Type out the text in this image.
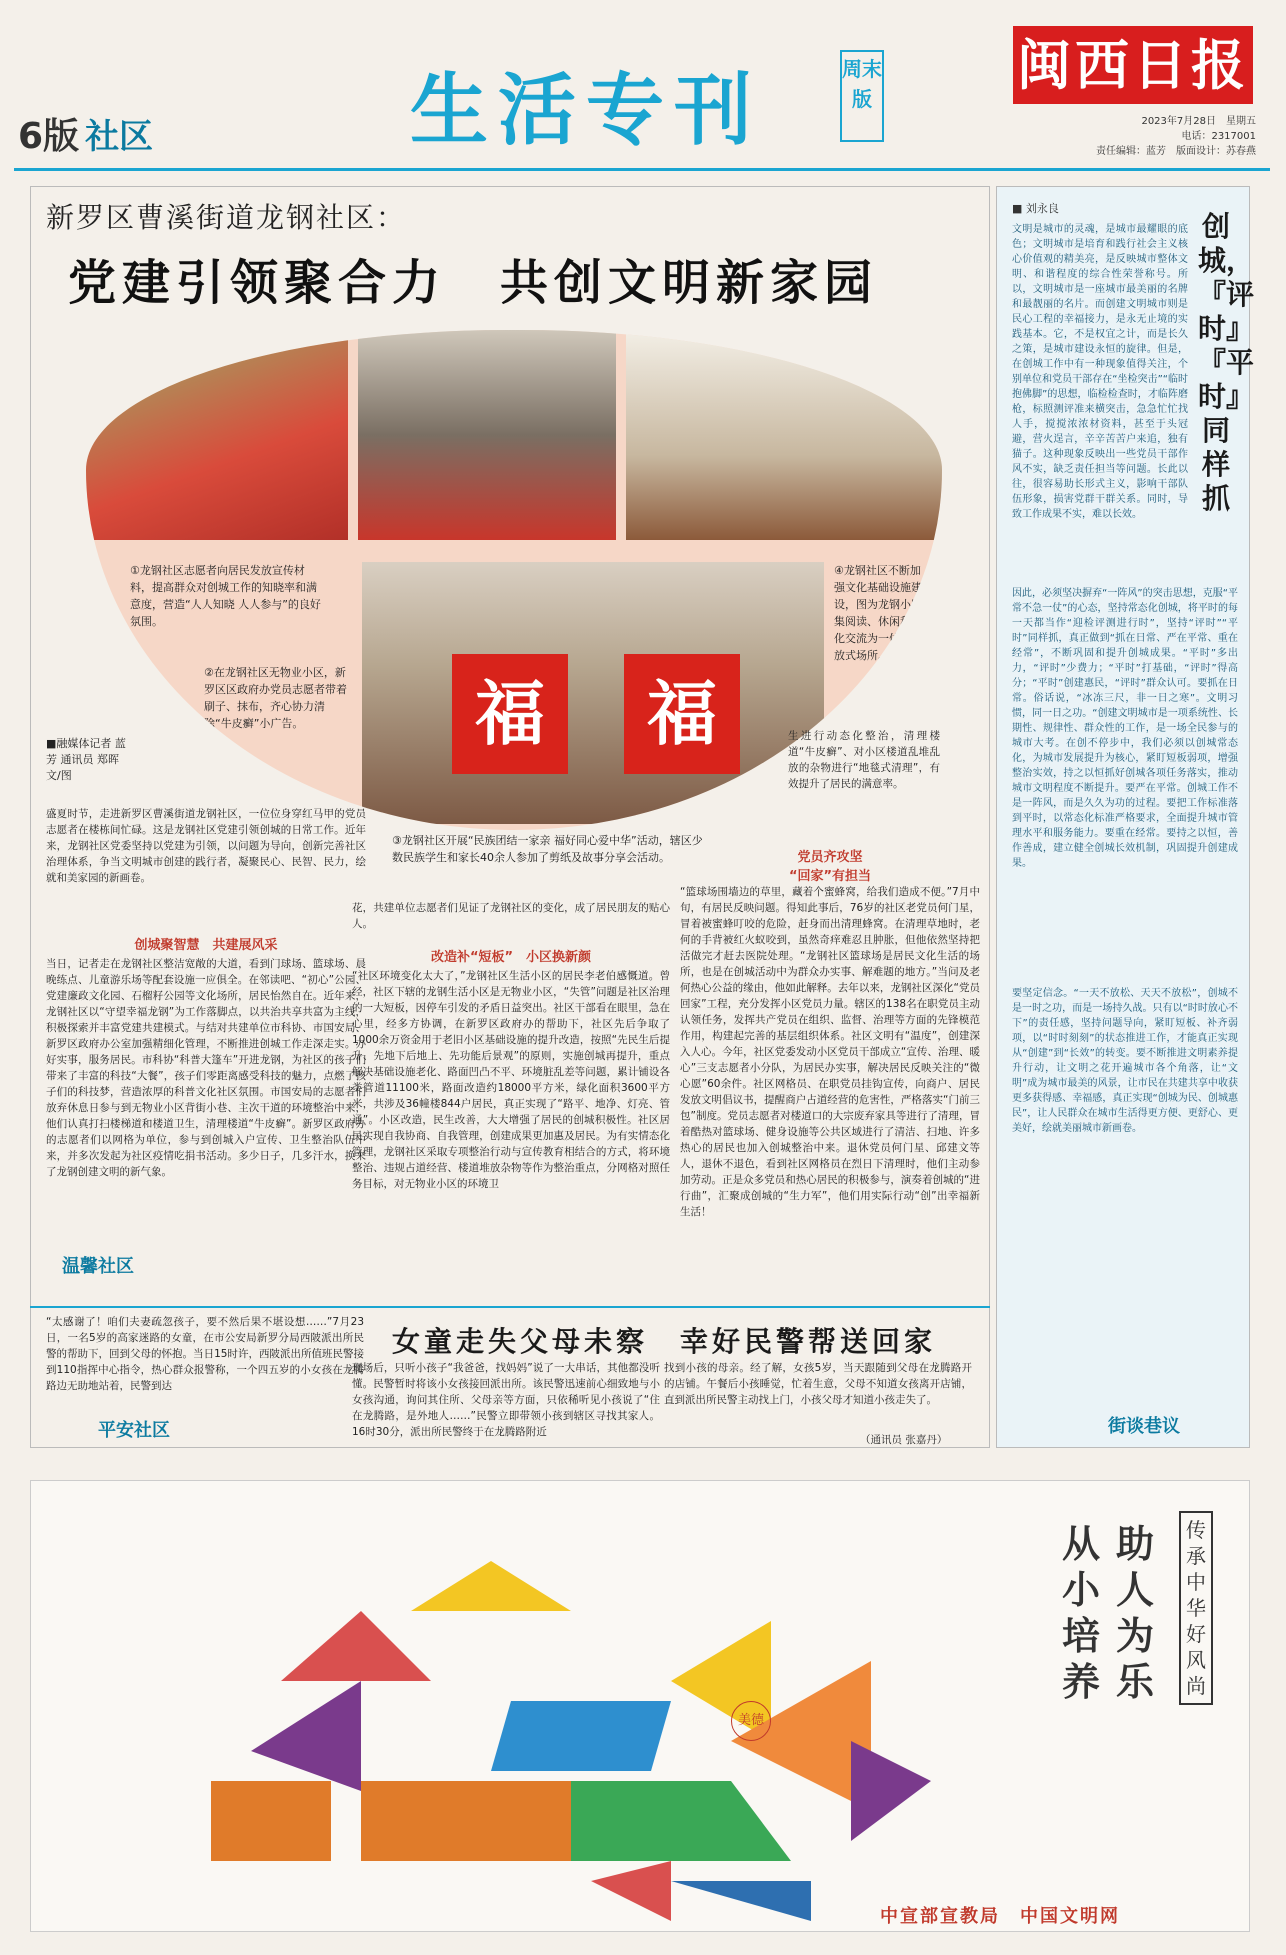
6版 社区	生活专刊	周末版
闽西日报
2023年7月28日　 星期五
电话：2317001
责任编辑：蓝芳　版面设计：苏春燕
新罗区曹溪街道龙钢社区：
党建引领聚合力　共创文明新家园
福	福
①龙钢社区志愿者向居民发放宣传材料，提高群众对创城工作的知晓率和满意度，营造“人人知晓 人人参与”的良好氛围。
②在龙钢社区无物业小区，新罗区区政府办党员志愿者带着刷子、抹布，齐心协力清除“牛皮癣”小广告。
④龙钢社区不断加强文化基础设施建设，图为龙钢小区集阅读、休闲和文化交流为一体的开放式场所。
③龙钢社区开展“民族团结一家亲 福好同心爱中华”活动，辖区少数民族学生和家长40余人参加了剪纸及故事分享会活动。
■融媒体记者 蓝芳 通讯员 郑晖 文/图
盛夏时节，走进新罗区曹溪街道龙钢社区，一位位身穿红马甲的党员志愿者在楼栋间忙碌。这是龙钢社区党建引领创城的日常工作。近年来，龙钢社区党委坚持以党建为引领，以问题为导向，创新完善社区治理体系，争当文明城市创建的践行者，凝聚民心、民智、民力，绘就和美家园的新画卷。
创城聚智慧　共建展风采
当日，记者走在龙钢社区整洁宽敞的大道，看到门球场、篮球场、晨晚练点、儿童游乐场等配套设施一应俱全。在邻读吧、“初心”公园、党建廉政文化园、石榴籽公园等文化场所，居民怡然自在。近年来，龙钢社区以“守望幸福龙钢”为工作落脚点，以共治共享共富为主线，积极探索并丰富党建共建模式。与结对共建单位市科协、市国安局、新罗区政府办公室加强精细化管理，不断推进创城工作走深走实。办好实事，服务居民。市科协“科普大篷车”开进龙钢，为社区的孩子们带来了丰富的科技“大餐”，孩子们零距离感受科技的魅力，点燃了孩子们的科技梦，营造浓厚的科普文化社区氛围。市国安局的志愿者们放弃休息日参与到无物业小区背街小巷、主次干道的环境整治中来，他们认真打扫楼梯道和楼道卫生，清理楼道“牛皮癣”。新罗区政府办的志愿者们以网格为单位，参与到创城入户宣传、卫生整治队伍中来，并多次发起为社区疫情吃捐书活动。多少日子，几多汗水，换来了龙钢创建文明的新气象。
温馨社区
花，共建单位志愿者们见证了龙钢社区的变化，成了居民朋友的贴心人。
改造补“短板”　小区换新颜
“社区环境变化太大了，”龙钢社区生活小区的居民李老伯感慨道。曾经，社区下辖的龙钢生活小区是无物业小区，“失管”问题是社区治理的一大短板，因停车引发的矛盾日益突出。社区干部看在眼里，急在心里，经多方协调，在新罗区政府办的帮助下，社区先后争取了1000余万资金用于老旧小区基础设施的提升改造，按照“先民生后提升、先地下后地上、先功能后景观”的原则，实施创城再提升，重点解决基础设施老化、路面凹凸不平、环境脏乱差等问题，累计铺设各类管道11100米，路面改造约18000平方米，绿化面积3600平方米，共涉及36幢楼844户居民，真正实现了“路平、地净、灯亮、管通”。小区改造，民生改善，大大增强了居民的创城积极性。社区居民实现自我协商、自我管理，创建成果更加惠及居民。为有实情态化管理，龙钢社区采取专项整治行动与宣传教育相结合的方式，将环境整治、违规占道经营、楼道堆放杂物等作为整治重点，分网格对照任务目标，对无物业小区的环境卫
生进行动态化整治，清理楼道“牛皮癣”、对小区楼道乱堆乱放的杂物进行“地毯式清理”，有效提升了居民的满意率。
党员齐攻坚
“回家”有担当
“篮球场围墙边的草里，藏着个蜜蜂窝，给我们造成不便。”7月中旬，有居民反映问题。得知此事后，76岁的社区老党员何门星，冒着被蜜蜂叮咬的危险，赶身而出清理蜂窝。在清理草地时，老何的手背被红火蚁咬到，虽然奇痒难忍且肿胀，但他依然坚持把活做完才赶去医院处理。“龙钢社区篮球场是居民文化生活的场所，也是在创城活动中为群众办实事、解难题的地方。”当问及老何热心公益的缘由，他如此解释。去年以来，龙钢社区深化“党员回家”工程，充分发挥小区党员力量。辖区的138名在职党员主动认领任务，发挥共产党员在组织、监督、治理等方面的先锋模范作用，构建起完善的基层组织体系。社区文明有“温度”，创建深入人心。今年，社区党委发动小区党员干部成立“宣传、治理、暖心”三支志愿者小分队，为居民办实事，解决居民反映关注的“微心愿”60余件。社区网格员、在职党员挂钩宣传，向商户、居民发放文明倡议书，提醒商户占道经营的危害性，严格落实“门前三包”制度。党员志愿者对楼道口的大宗废弃家具等进行了清理，冒着酷热对篮球场、健身设施等公共区域进行了清洁、扫地、许多热心的居民也加入创城整治中来。退休党员何门星、邱建文等人，退休不退色，看到社区网格员在烈日下清理时，他们主动参加劳动。正是众多党员和热心居民的积极参与，演奏着创城的“进行曲”，汇聚成创城的“生力军”，他们用实际行动“创”出幸福新生活！
女童走失父母未察　幸好民警帮送回家
“太感谢了！咱们夫妻疏忽孩子，要不然后果不堪设想……”7月23日，一名5岁的高家迷路的女童，在市公安局新罗分局西陂派出所民警的帮助下，回到父母的怀抱。当日15时许，西陂派出所值班民警接到110指挥中心指令，热心群众报警称，一个四五岁的小女孩在龙腾路边无助地站着，民警到达
平安社区
现场后，只听小孩子“我爸爸，找妈妈”说了一大串话，其他都没听懂。民警暂时将该小女孩接回派出所。该民警迅速前心细致地与小女孩沟通，询问其住所、父母亲等方面，只依稀听见小孩说了“住在龙腾路，是外地人……”民警立即带领小孩到辖区寻找其家人。16时30分，派出所民警终于在龙腾路附近
找到小孩的母亲。经了解，女孩5岁，当天跟随到父母在龙腾路开的店铺。午餐后小孩睡觉，忙着生意，父母不知道女孩离开店铺，直到派出所民警主动找上门，小孩父母才知道小孩走失了。
（通讯员 张嘉丹）
■ 刘永良
创城，『评时』『平时』同样抓
文明是城市的灵魂，是城市最耀眼的底色；文明城市是培育和践行社会主义核心价值观的精美亮，是反映城市整体文明、和谐程度的综合性荣誉称号。所以，文明城市是一座城市最美丽的名牌和最靓丽的名片。而创建文明城市则是民心工程的幸福接力，是永无止境的实践基本。它，不是权宜之计，而是长久之策，是城市建设永恒的旋律。但是，在创城工作中有一种现象值得关注，个别单位和党员干部存在“坐检突击”“临时抱佛脚”的思想，临检检查时，才临阵磨枪，标照测评准来横突击，急急忙忙找人手，搅搅浓浓材资料，甚至于头冠避，营火逞言，辛辛苦苦户来追，独有猫子。这种现象反映出一些党员干部作风不实，缺乏责任担当等问题。长此以往，很容易助长形式主义，影响干部队伍形象，损害党群干群关系。同时，导致工作成果不实，难以长效。
因此，必须坚决摒弃“一阵风”的突击思想，克服“平常不急一仗”的心态，坚持常态化创城，将平时的每一天都当作“迎检评测进行时”，坚持“评时”“平时”同样抓，真正做到“抓在日常、严在平常、重在经常”，不断巩固和提升创城成果。“平时”多出力，“评时”少费力；“平时”打基础，“评时”得高分；“平时”创建惠民，“评时”群众认可。要抓在日常。俗话说，“冰冻三尺，非一日之寒”。文明习惯，同一日之功。“创建文明城市是一项系统性、长期性、规律性、群众性的工作，是一场全民参与的城市大考。在创不停步中，我们必须以创城常态化，为城市发展提升为核心，紧盯短板弱项，增强整治实效，持之以恒抓好创城各项任务落实，推动城市文明程度不断提升。要严在平常。创城工作不是一阵风，而是久久为功的过程。要把工作标准落到平时，以常态化标准严格要求，全面提升城市管理水平和服务能力。要重在经常。要持之以恒，善作善成，建立健全创城长效机制，巩固提升创建成果。
要坚定信念。“一天不放松、天天不放松”，创城不是一时之功，而是一场持久战。只有以“时时放心不下”的责任感，坚持问题导向，紧盯短板、补齐弱项，以“时时刻刻”的状态推进工作，才能真正实现从“创建”到“长效”的转变。要不断推进文明素养提升行动，让文明之花开遍城市各个角落，让“文明”成为城市最美的风景，让市民在共建共享中收获更多获得感、幸福感，真正实现“创城为民、创城惠民”，让人民群众在城市生活得更方便、更舒心、更美好，绘就美丽城市新画卷。
街谈巷议
助人为乐
从小培养
传承中华好风尚
美德
中宣部宣教局　中国文明网
